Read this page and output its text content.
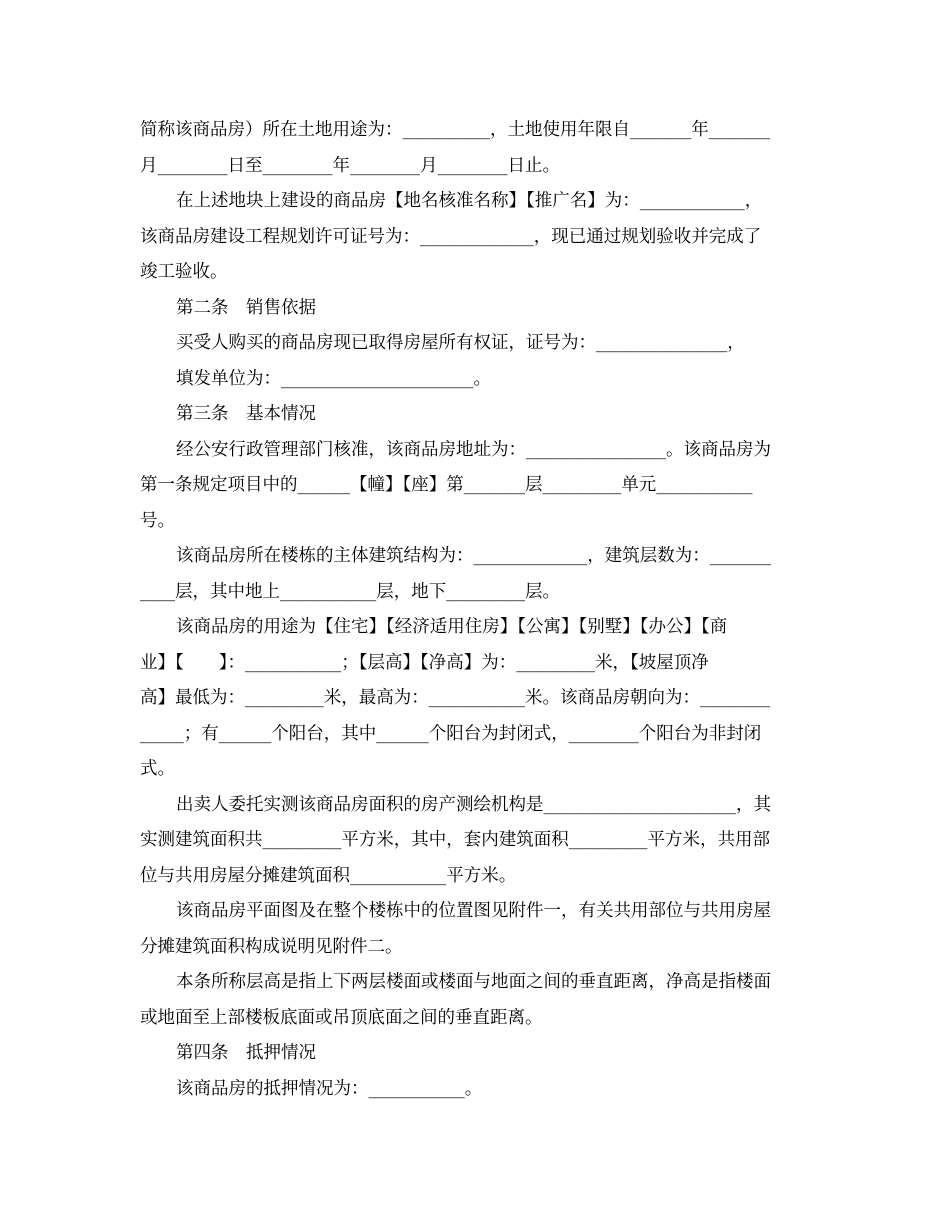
简称该商品房）所在土地用途为：__________，土地使用年限自_______年_______

月________日至________年________月________日止。

在上述地块上建设的商品房【地名核准名称】【推广名】为：____________，

该商品房建设工程规划许可证号为：_____________，现已通过规划验收并完成了

竣工验收。

第二条　销售依据

买受人购买的商品房现已取得房屋所有权证，证号为：_______________，

填发单位为：______________________。

第三条　基本情况

经公安行政管理部门核准，该商品房地址为：________________。该商品房为

第一条规定项目中的______【幢】【座】第_______层_________单元___________

号。

该商品房所在楼栋的主体建筑结构为：_____________，建筑层数为：_______

____层，其中地上___________层，地下_________层。

该商品房的用途为【住宅】【经济适用住房】【公寓】【别墅】【办公】【商

业】【　　】：___________；【层高】【净高】为：_________米，【坡屋顶净

高】最低为：_________米，最高为：___________米。该商品房朝向为：________

_____；有______个阳台，其中______个阳台为封闭式，________个阳台为非封闭

式。

出卖人委托实测该商品房面积的房产测绘机构是______________________，其

实测建筑面积共_________平方米，其中，套内建筑面积_________平方米，共用部

位与共用房屋分摊建筑面积___________平方米。

该商品房平面图及在整个楼栋中的位置图见附件一，有关共用部位与共用房屋

分摊建筑面积构成说明见附件二。

本条所称层高是指上下两层楼面或楼面与地面之间的垂直距离，净高是指楼面

或地面至上部楼板底面或吊顶底面之间的垂直距离。

第四条　抵押情况

该商品房的抵押情况为：___________。
